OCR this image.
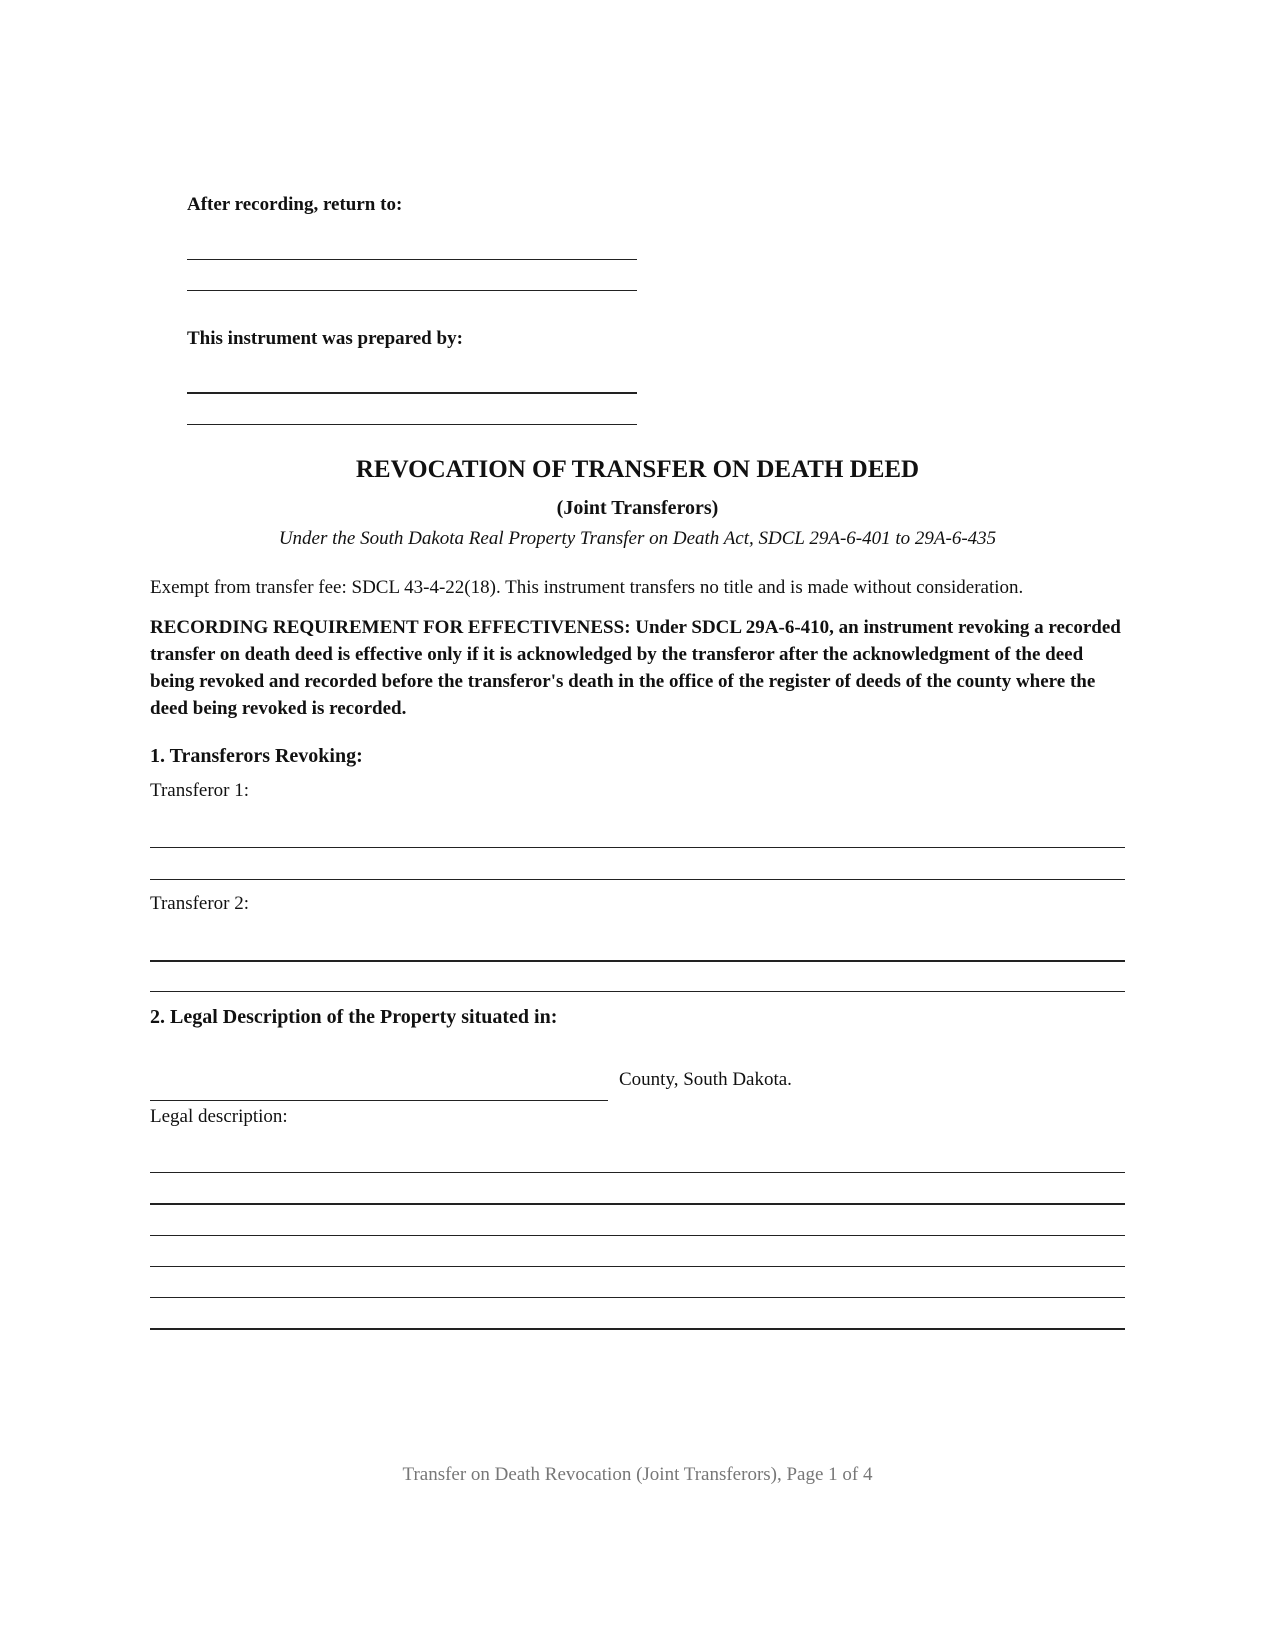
After recording, return to:
This instrument was prepared by:
REVOCATION OF TRANSFER ON DEATH DEED
(Joint Transferors)
Under the South Dakota Real Property Transfer on Death Act, SDCL 29A-6-401 to 29A-6-435
Exempt from transfer fee: SDCL 43-4-22(18). This instrument transfers no title and is made without consideration.
RECORDING REQUIREMENT FOR EFFECTIVENESS: Under SDCL 29A-6-410, an instrument revoking a recorded transfer on death deed is effective only if it is acknowledged by the transferor after the acknowledgment of the deed being revoked and recorded before the transferor's death in the office of the register of deeds of the county where the deed being revoked is recorded.
1. Transferors Revoking:
Transferor 1:
Transferor 2:
2. Legal Description of the Property situated in:
County, South Dakota.
Legal description:
Transfer on Death Revocation (Joint Transferors), Page 1 of 4
